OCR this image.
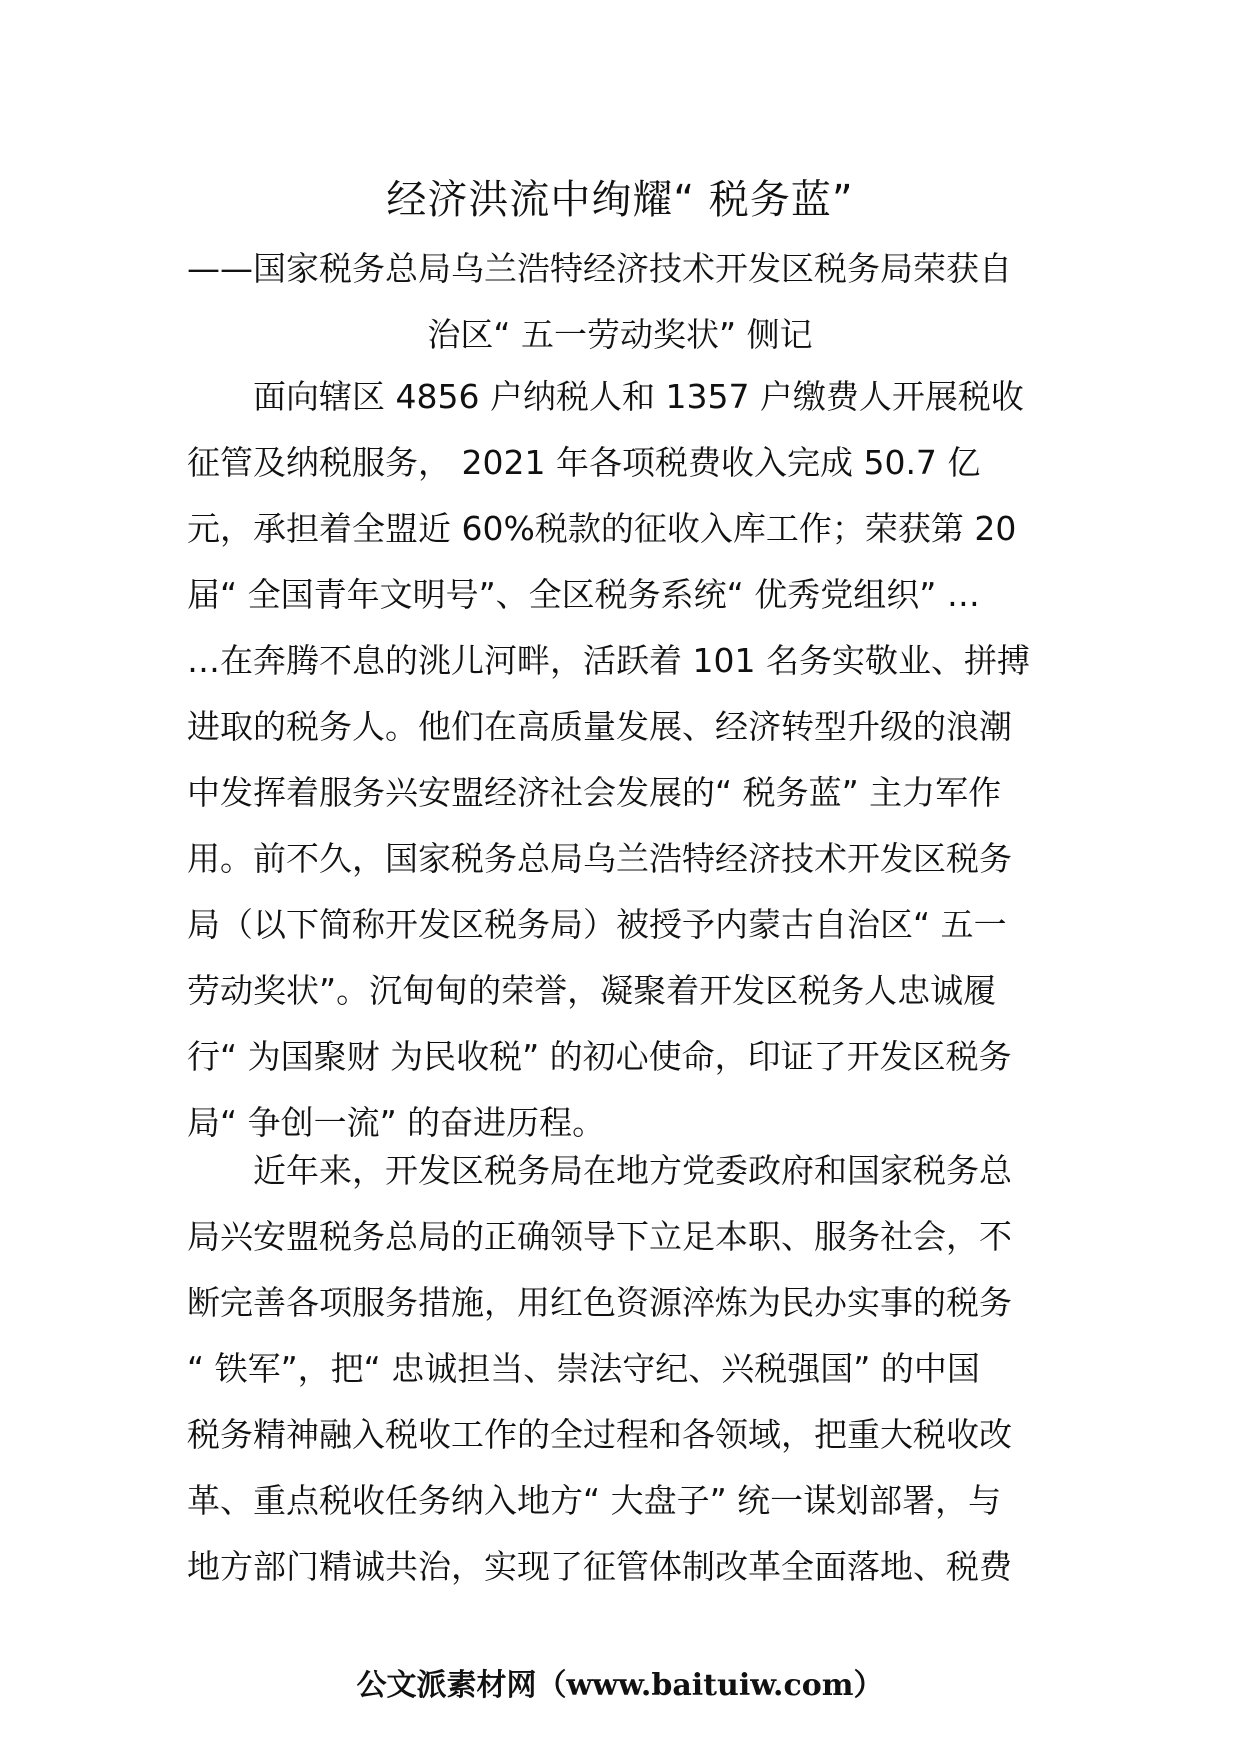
经济洪流中绚耀“ 税务蓝”
——国家税务总局乌兰浩特经济技术开发区税务局荣获自
治区“ 五一劳动奖状” 侧记
面向辖区 4856 户纳税人和 1357 户缴费人开展税收
征管及纳税服务， 2021 年各项税费收入完成 50.7 亿
元，承担着全盟近 60%税款的征收入库工作；荣获第 20
届“ 全国青年文明号”、全区税务系统“ 优秀党组织” …
…在奔腾不息的洮儿河畔，活跃着 101 名务实敬业、拼搏
进取的税务人。他们在高质量发展、经济转型升级的浪潮
中发挥着服务兴安盟经济社会发展的“ 税务蓝” 主力军作
用。前不久，国家税务总局乌兰浩特经济技术开发区税务
局（以下简称开发区税务局）被授予内蒙古自治区“ 五一
劳动奖状”。沉甸甸的荣誉，凝聚着开发区税务人忠诚履
行“ 为国聚财 为民收税” 的初心使命，印证了开发区税务
局“ 争创一流” 的奋进历程。
近年来，开发区税务局在地方党委政府和国家税务总
局兴安盟税务总局的正确领导下立足本职、服务社会，不
断完善各项服务措施，用红色资源淬炼为民办实事的税务
“ 铁军”，把“ 忠诚担当、崇法守纪、兴税强国” 的中国
税务精神融入税收工作的全过程和各领域，把重大税收改
革、重点税收任务纳入地方“ 大盘子” 统一谋划部署，与
地方部门精诚共治，实现了征管体制改革全面落地、税费
公文派素材网（www.baituiw.com）
